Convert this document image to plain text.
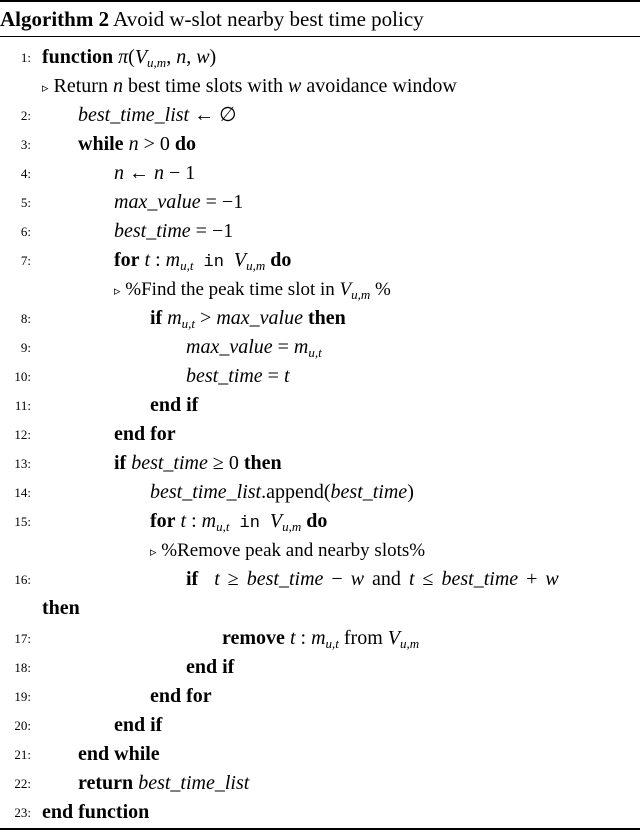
Algorithm 2 Avoid w-slot nearby best time policy
1: function $\pi(V_{u,m}$, n, w)
▹ Return n best time slots with w avoidance window
2: best_time_list ← ∅
3: while n > 0 do
4:	n ← n − 1
5:	max_value = −1
6:	best_time = −1
7:	for t : $m_{u,t}$ in $V_{u,m}$ do
▹ %Find the peak time slot in $V_{u,m}$ %
8:	if $m_{u,t}$ > max_value then
9:	max_value = $m_{u,t}$
10:	best_time = t
11:	end if
12:	end for
13:	if best_time ≥ 0 then
14:	best_time_list.append(best_time)
15:	for t : $m_{u,t}$ in $V_{u,m}$ do
▹ %Remove peak and nearby slots%
16:	if t ≥ best_time − w and t ≤ best_time + w
then
17:	remove t : $m_{u,t}$ from $V_{u,m}$
18:	end if
19:	end for
20:	end if
21: end while
22: return best_time_list
23: end function
